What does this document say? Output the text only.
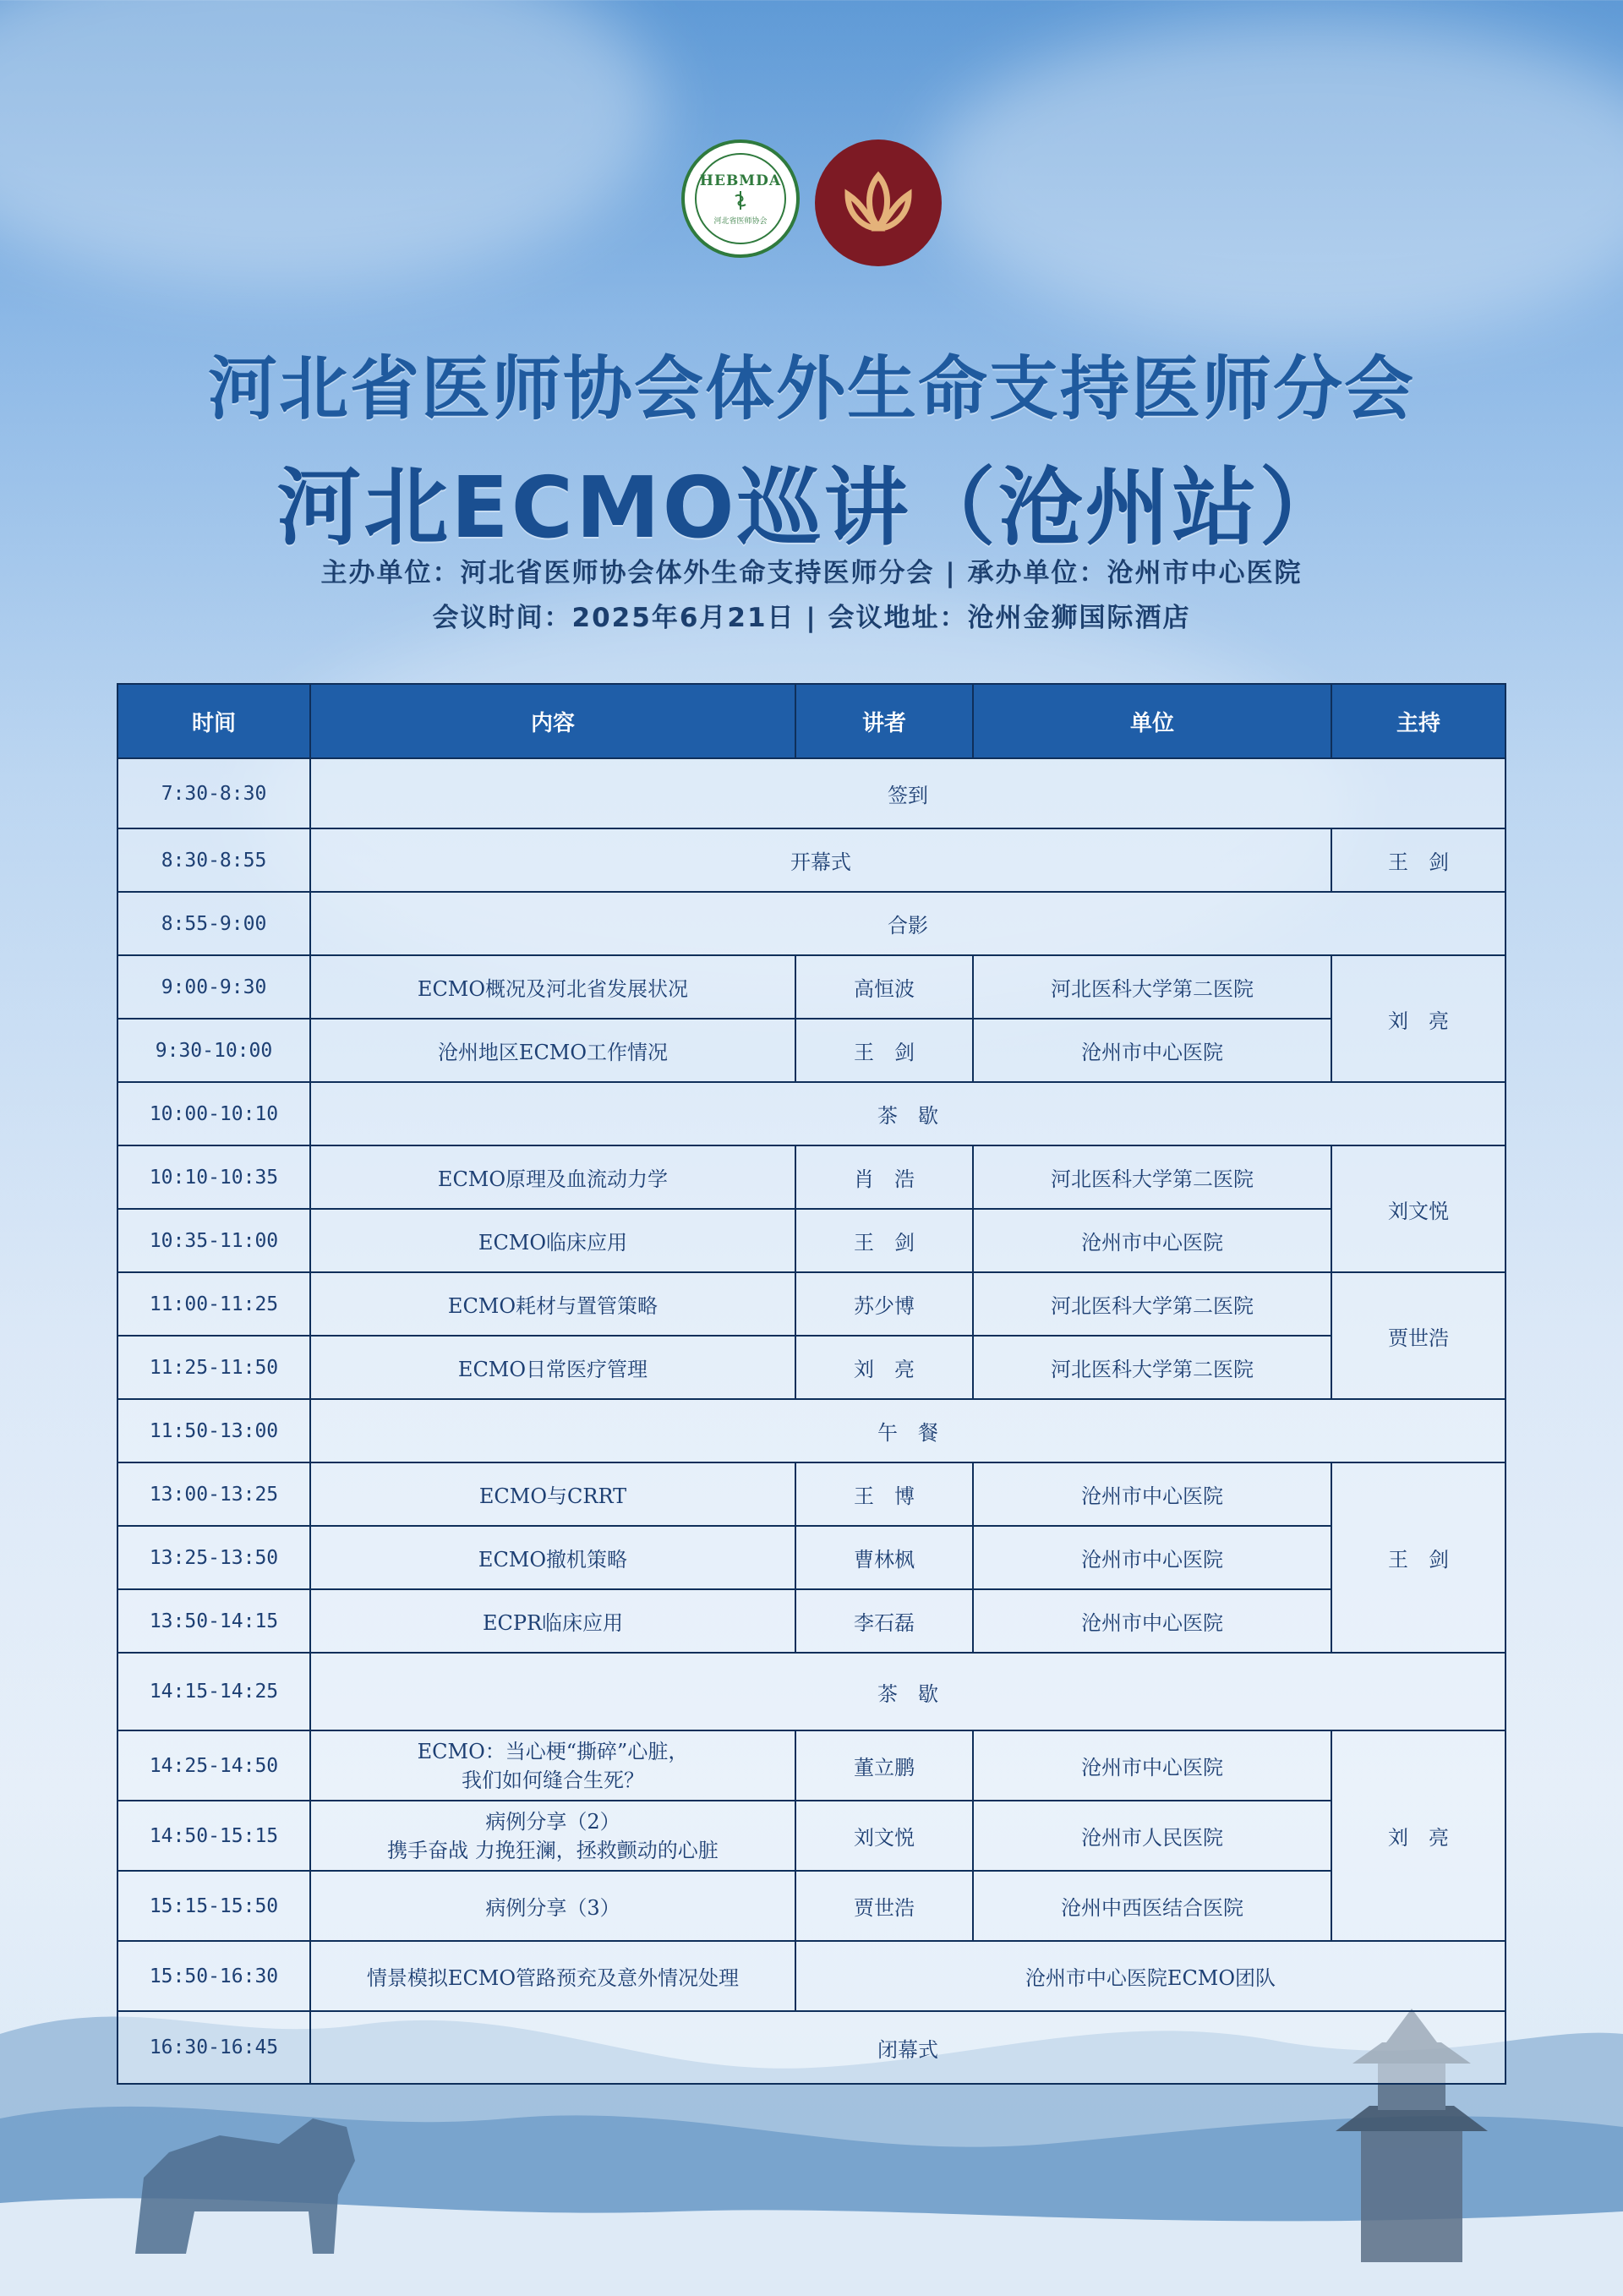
HEBMDA
河北省医师协会
河北省医师协会体外生命支持医师分会
河北ECMO巡讲（沧州站）
主办单位：河北省医师协会体外生命支持医师分会 | 承办单位：沧州市中心医院
会议时间：2025年6月21日 | 会议地址：沧州金狮国际酒店
时间	内容	讲者	单位	主持
7:30-8:30	签到			
8:30-8:55	开幕式			王　剑
8:55-9:00	合影			
9:00-9:30	ECMO概况及河北省发展状况	高恒波	河北医科大学第二医院	刘　亮
9:30-10:00	沧州地区ECMO工作情况	王　剑	沧州市中心医院	
10:00-10:10	茶　歇			
10:10-10:35	ECMO原理及血流动力学	肖　浩	河北医科大学第二医院	刘文悦
10:35-11:00	ECMO临床应用	王　剑	沧州市中心医院	
11:00-11:25	ECMO耗材与置管策略	苏少博	河北医科大学第二医院	贾世浩
11:25-11:50	ECMO日常医疗管理	刘　亮	河北医科大学第二医院	
11:50-13:00	午　餐			
13:00-13:25	ECMO与CRRT	王　博	沧州市中心医院	王　剑
13:25-13:50	ECMO撤机策略	曹林枫	沧州市中心医院	
13:50-14:15	ECPR临床应用	李石磊	沧州市中心医院	
14:15-14:25	茶　歇			
14:25-14:50	ECMO：当心梗“撕碎”心脏，
我们如何缝合生死？	董立鹏	沧州市中心医院	刘　亮
14:50-15:15	病例分享（2）
携手奋战 力挽狂澜，拯救颤动的心脏	刘文悦	沧州市人民医院	
15:15-15:50	病例分享（3）	贾世浩	沧州中西医结合医院	
15:50-16:30	情景模拟ECMO管路预充及意外情况处理	沧州市中心医院ECMO团队		
16:30-16:45	闭幕式			
